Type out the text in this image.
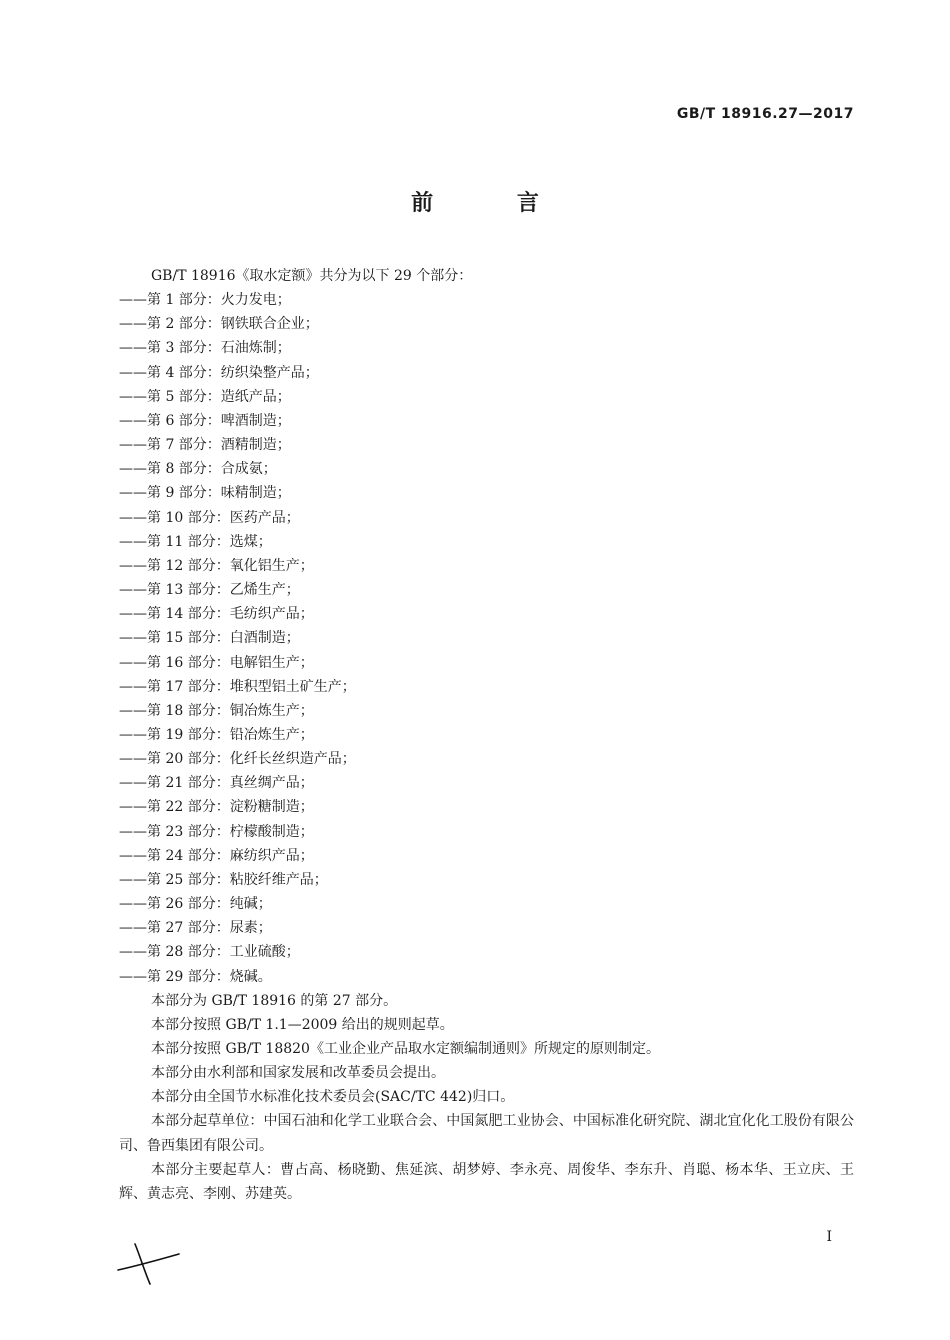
GB/T 18916.27—2017
前 言

GB/T 18916《取水定额》共分为以下 29 个部分：

——第 1 部分：火力发电；

——第 2 部分：钢铁联合企业；

——第 3 部分：石油炼制；

——第 4 部分：纺织染整产品；

——第 5 部分：造纸产品；

——第 6 部分：啤酒制造；

——第 7 部分：酒精制造；

——第 8 部分：合成氨；

——第 9 部分：味精制造；

——第 10 部分：医药产品；

——第 11 部分：选煤；

——第 12 部分：氧化铝生产；

——第 13 部分：乙烯生产；

——第 14 部分：毛纺织产品；

——第 15 部分：白酒制造；

——第 16 部分：电解铝生产；

——第 17 部分：堆积型铝土矿生产；

——第 18 部分：铜冶炼生产；

——第 19 部分：铅冶炼生产；

——第 20 部分：化纤长丝织造产品；

——第 21 部分：真丝绸产品；

——第 22 部分：淀粉糖制造；

——第 23 部分：柠檬酸制造；

——第 24 部分：麻纺织产品；

——第 25 部分：粘胶纤维产品；

——第 26 部分：纯碱；

——第 27 部分：尿素；

——第 28 部分：工业硫酸；

——第 29 部分：烧碱。

本部分为 GB/T 18916 的第 27 部分。

本部分按照 GB/T 1.1—2009 给出的规则起草。

本部分按照 GB/T 18820《工业企业产品取水定额编制通则》所规定的原则制定。

本部分由水利部和国家发展和改革委员会提出。

本部分由全国节水标准化技术委员会(SAC/TC 442)归口。

本部分起草单位：中国石油和化学工业联合会、中国氮肥工业协会、中国标准化研究院、湖北宜化化工股份有限公司、鲁西集团有限公司。

本部分主要起草人：曹占高、杨晓勤、焦延滨、胡梦婷、李永亮、周俊华、李东升、肖聪、杨本华、王立庆、王辉、黄志亮、李刚、苏建英。

I
